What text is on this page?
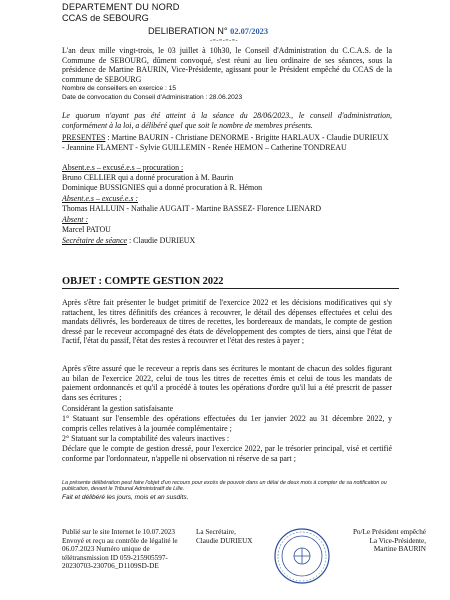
DEPARTEMENT DU NORD
CCAS de SEBOURG
DELIBERATION N° 02.07/2023
-=-=-=-=-
L'an deux mille vingt-trois, le 03 juillet à 10h30, le Conseil d'Administration du C.C.A.S. de la Commune de SEBOURG, dûment convoqué, s'est réuni au lieu ordinaire de ses séances, sous la présidence de Martine BAURIN, Vice-Présidente, agissant pour le Président empêché du CCAS de la commune de SEBOURG
Nombre de conseillers en exercice : 15
Date de convocation du Conseil d'Administration : 28.06.2023
Le quorum n'ayant pas été atteint à la séance du 28/06/2023., le conseil d'administration, conformément à la loi, a délibéré quel que soit le nombre de membres présents.
PRESENTES : Martine BAURIN - Christiane DENORME - Brigitte HARLAUX - Claudie DURIEUX - Jeannine FLAMENT - Sylvie GUILLEMIN - Renée HEMON – Catherine TONDREAU
Absent.e.s – excusé.e.s – procuration :
Bruno CELLIER qui a donné procuration à M. Baurin
Dominique BUSSIGNIES qui a donné procuration à R. Hémon
Absent.e.s – excusé.e.s :
Thomas HALLUIN - Nathalie AUGAIT - Martine BASSEZ- Florence LIENARD
Absent :
Marcel PATOU
Secrétaire de séance : Claudie DURIEUX
OBJET : COMPTE GESTION 2022
Après s'être fait présenter le budget primitif de l'exercice 2022 et les décisions modificatives qui s'y rattachent, les titres définitifs des créances à recouvrer, le détail des dépenses effectuées et celui des mandats délivrés, les bordereaux de titres de recettes, les bordereaux de mandats, le compte de gestion dressé par le receveur accompagné des états de développement des comptes de tiers, ainsi que l'état de l'actif, l'état du passif, l'état des restes à recouvrer et l'état des restes à payer ;
Après s'être assuré que le receveur a repris dans ses écritures le montant de chacun des soldes figurant au bilan de l'exercice 2022, celui de tous les titres de recettes émis et celui de tous les mandats de paiement ordonnancés et qu'il a procédé à toutes les opérations d'ordre qu'il lui a été prescrit de passer dans ses écritures ;
Considérant la gestion satisfaisante
1° Statuant sur l'ensemble des opérations effectuées du 1er janvier 2022 au 31 décembre 2022, y compris celles relatives à la journée complémentaire ;
2° Statuant sur la comptabilité des valeurs inactives :
Déclare que le compte de gestion dressé, pour l'exercice 2022, par le trésorier principal, visé et certifié conforme par l'ordonnateur, n'appelle ni observation ni réserve de sa part ;
La présente délibération peut faire l'objet d'un recours pour excès de pouvoir dans un délai de deux mois à compter de sa notification ou publication, devant le Tribunal Administratif de Lille.
Fait et délibéré les jours, mois et an susdits.
Publié sur le site Internet le 10.07.2023 Envoyé et reçu au contrôle de légalité le 06.07.2023 Numéro unique de télétransmission ID 059-215905597-20230703-230706_D1109SD-DE
La Secrétaire,
Claudie DURIEUX
Po/Le Président empêché
La Vice-Présidente,
Martine BAURIN
